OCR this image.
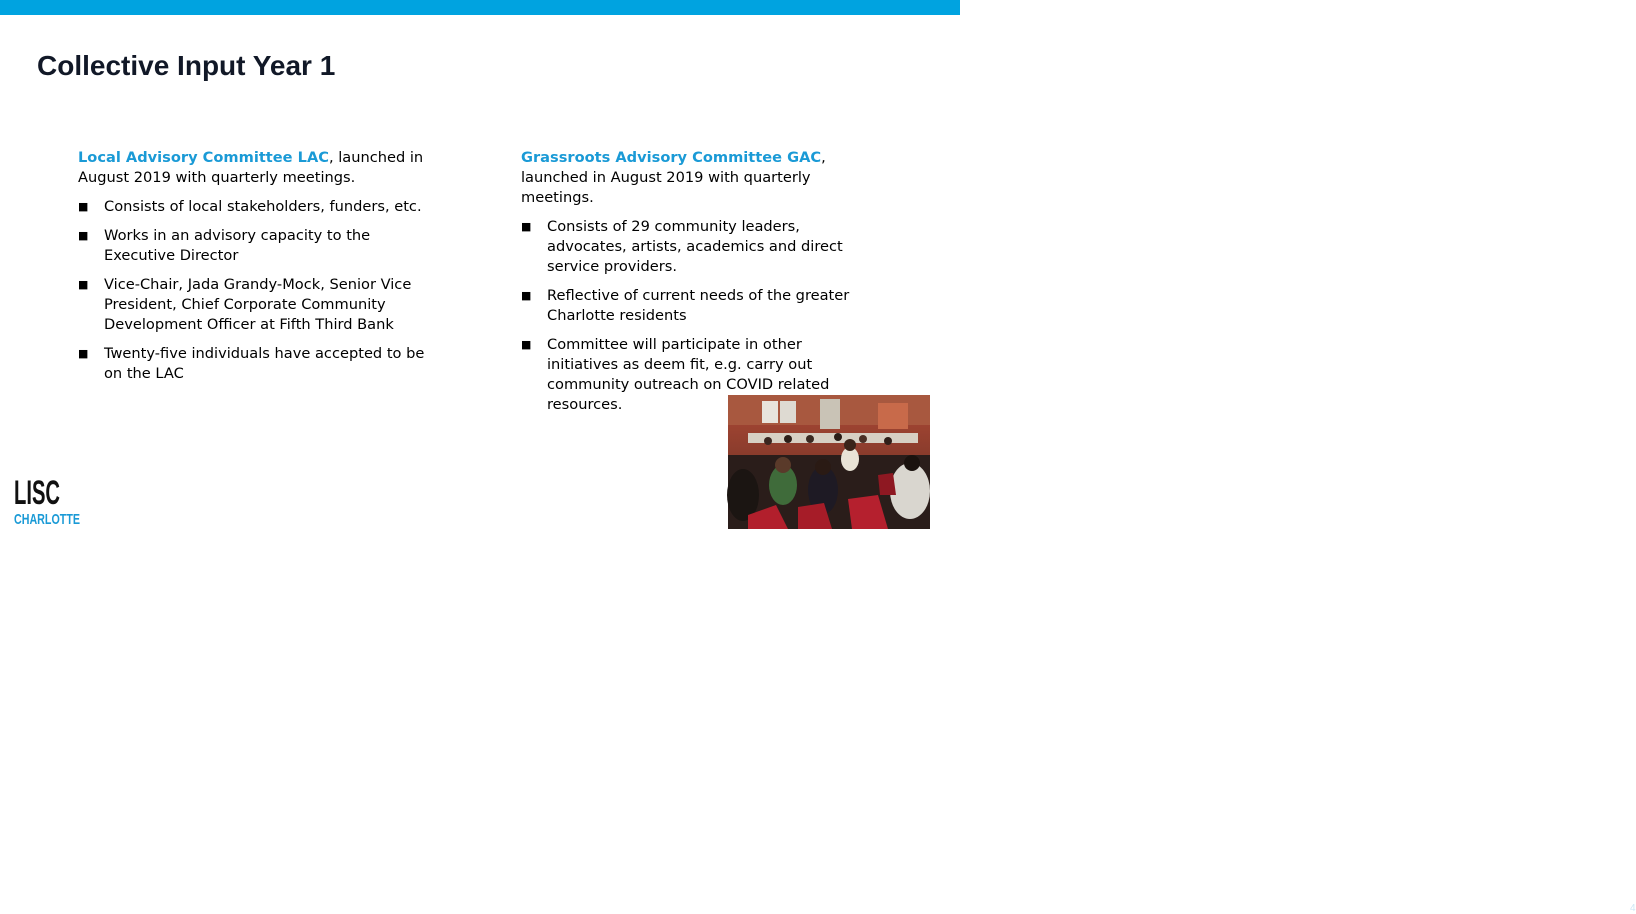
Collective Input Year 1

Local Advisory Committee LAC, launched in August 2019 with quarterly meetings.

■	Consists of local stakeholders, funders, etc.
■	Works in an advisory capacity to the Executive Director
■	Vice-Chair, Jada Grandy-Mock, Senior Vice President, Chief Corporate Community Development Officer at Fifth Third Bank
■	Twenty-five individuals have accepted to be on the LAC

Grassroots Advisory Committee GAC, launched in August 2019 with quarterly meetings.

■	Consists of 29 community leaders, advocates, artists, academics and direct service providers.
■	Reflective of current needs of the greater Charlotte residents
■	Committee will participate in other initiatives as deem fit, e.g. carry out community outreach on COVID related resources.
4
LISC
CHARLOTTE
